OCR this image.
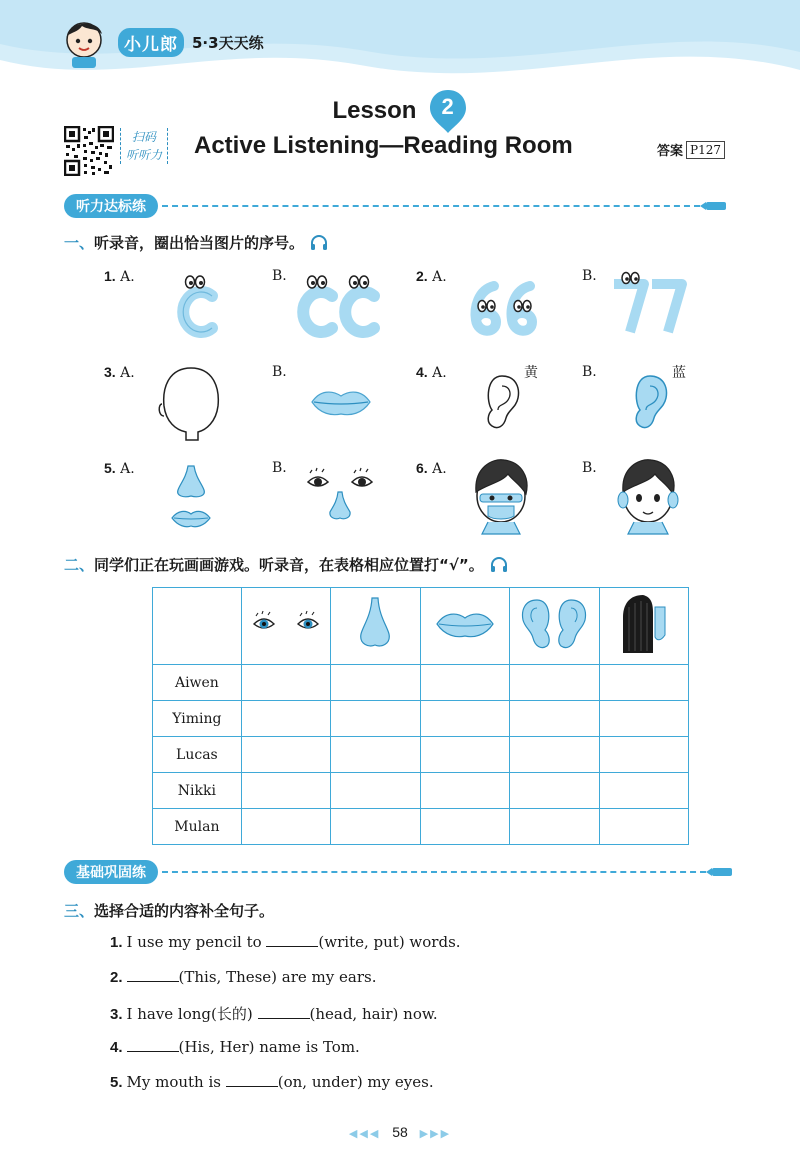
小儿郎 5·3天天练
Lesson	2
扫码
听听力 Active Listening—Reading Room	答案 P127
听力达标练
一、 听录音，圈出恰当图片的序号。
1. A.	B.	2. A.	B.
3. A.	B.	4. A.	黄	B.	蓝
5. A.	B.	6. A.	B.
二、 同学们正在玩画画游戏。听录音，在表格相应位置打“√”。

Aiwen					
Yiming					
Lucas					
Nikki					
Mulan					
基础巩固练
三、 选择合适的内容补全句子。
1. I use my pencil to	(write, put) words.
2.	(This, These) are my ears.
3. I have long(长的)	(head, hair) now.
4.	(His, Her) name is Tom.
5. My mouth is	(on, under) my eyes.
◀◀◀ 58 ▶▶▶
